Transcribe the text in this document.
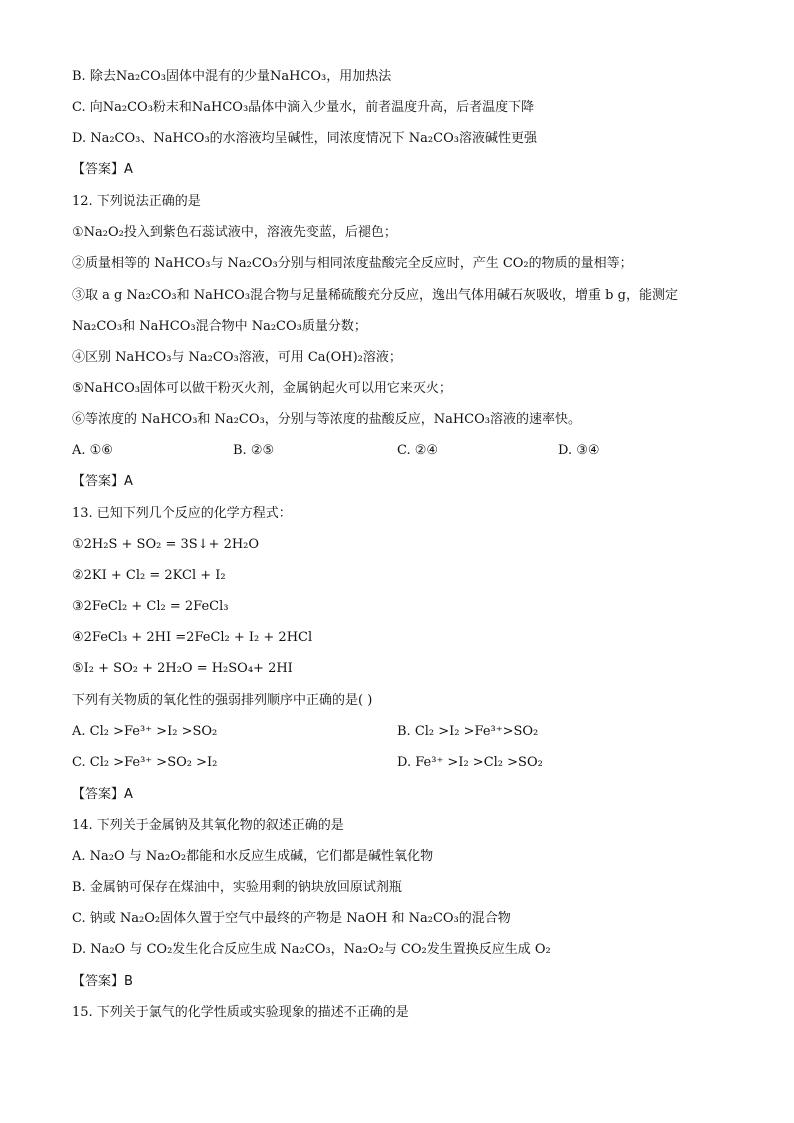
B. 除去Na₂CO₃固体中混有的少量NaHCO₃，用加热法
C. 向Na₂CO₃粉末和NaHCO₃晶体中滴入少量水，前者温度升高，后者温度下降
D. Na₂CO₃、NaHCO₃的水溶液均呈碱性，同浓度情况下 Na₂CO₃溶液碱性更强
【答案】A
12. 下列说法正确的是
①Na₂O₂投入到紫色石蕊试液中，溶液先变蓝，后褪色；
②质量相等的 NaHCO₃与 Na₂CO₃分别与相同浓度盐酸完全反应时，产生 CO₂的物质的量相等；
③取 a g Na₂CO₃和 NaHCO₃混合物与足量稀硫酸充分反应，逸出气体用碱石灰吸收，增重 b g，能测定
Na₂CO₃和 NaHCO₃混合物中 Na₂CO₃质量分数；
④区别 NaHCO₃与 Na₂CO₃溶液，可用 Ca(OH)₂溶液；
⑤NaHCO₃固体可以做干粉灭火剂，金属钠起火可以用它来灭火；
⑥等浓度的 NaHCO₃和 Na₂CO₃，分别与等浓度的盐酸反应，NaHCO₃溶液的速率快。
A. ①⑥	B. ②⑤	C. ②④	D. ③④
【答案】A
13. 已知下列几个反应的化学方程式：
①2H₂S + SO₂ = 3S↓+ 2H₂O
②2KI + Cl₂ = 2KCl + I₂
③2FeCl₂ + Cl₂ = 2FeCl₃
④2FeCl₃ + 2HI =2FeCl₂ + I₂ + 2HCl
⑤I₂ + SO₂ + 2H₂O = H₂SO₄+ 2HI
下列有关物质的氧化性的强弱排列顺序中正确的是( )
A. Cl₂ >Fe³⁺ >I₂ >SO₂	B. Cl₂ >I₂ >Fe³⁺>SO₂
C. Cl₂ >Fe³⁺ >SO₂ >I₂	D. Fe³⁺ >I₂ >Cl₂ >SO₂
【答案】A
14. 下列关于金属钠及其氧化物的叙述正确的是
A. Na₂O 与 Na₂O₂都能和水反应生成碱，它们都是碱性氧化物
B. 金属钠可保存在煤油中，实验用剩的钠块放回原试剂瓶
C. 钠或 Na₂O₂固体久置于空气中最终的产物是 NaOH 和 Na₂CO₃的混合物
D. Na₂O 与 CO₂发生化合反应生成 Na₂CO₃，Na₂O₂与 CO₂发生置换反应生成 O₂
【答案】B
15. 下列关于氯气的化学性质或实验现象的描述不正确的是
